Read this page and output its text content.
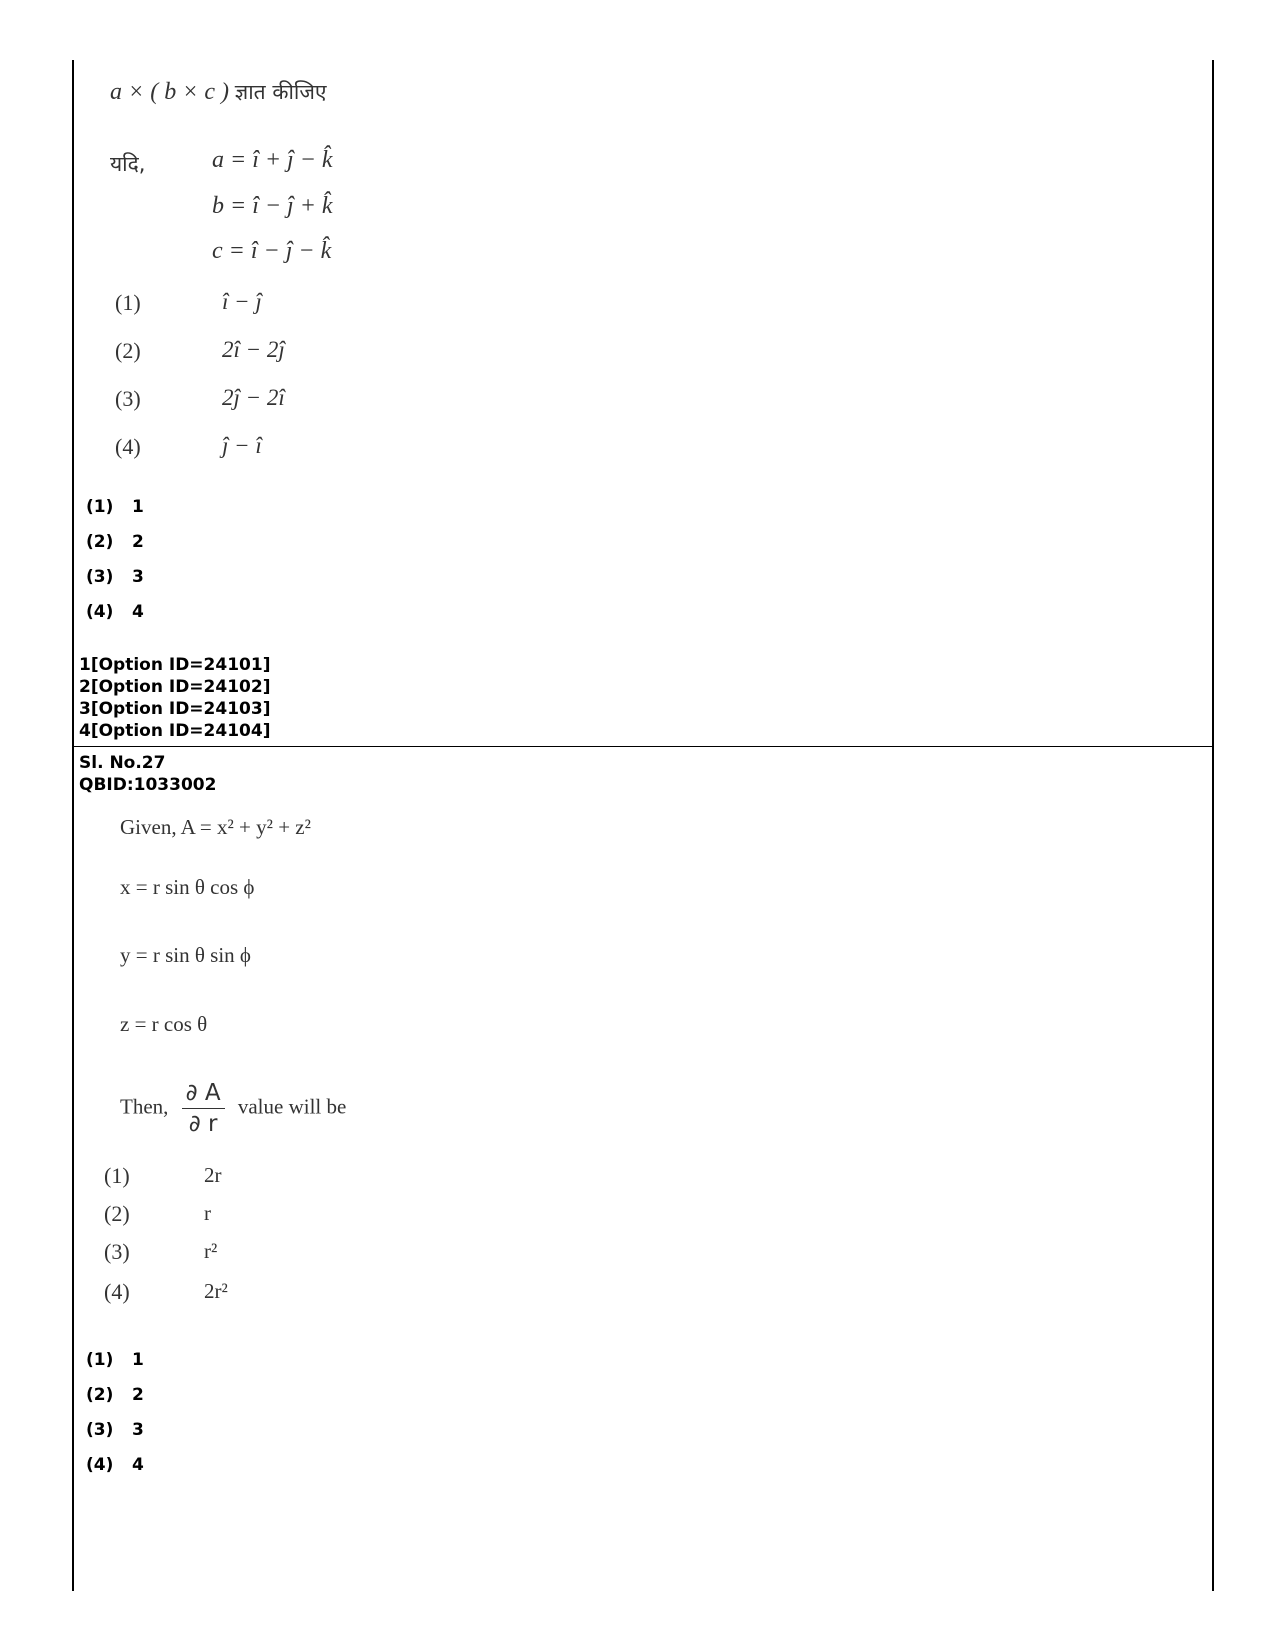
a × ( b × c ) ज्ञात कीजिए
यदि,	a = î + ĵ − k̂
b = î − ĵ + k̂
c = î − ĵ − k̂
(1)	î − ĵ
(2)	2î − 2ĵ
(3)	2ĵ − 2î
(4)	ĵ − î
(1) 1
(2) 2
(3) 3
(4) 4
1[Option ID=24101]
2[Option ID=24102]
3[Option ID=24103]
4[Option ID=24104]
Sl. No.27
QBID:1033002
Given, A = x² + y² + z²
x = r sin θ cos ϕ
y = r sin θ sin ϕ
z = r cos θ
Then, $\frac{\partial A}{\partial r}$ value will be
(1)	2r
(2)	r
(3)	r²
(4)	2r²
(1) 1
(2) 2
(3) 3
(4) 4
